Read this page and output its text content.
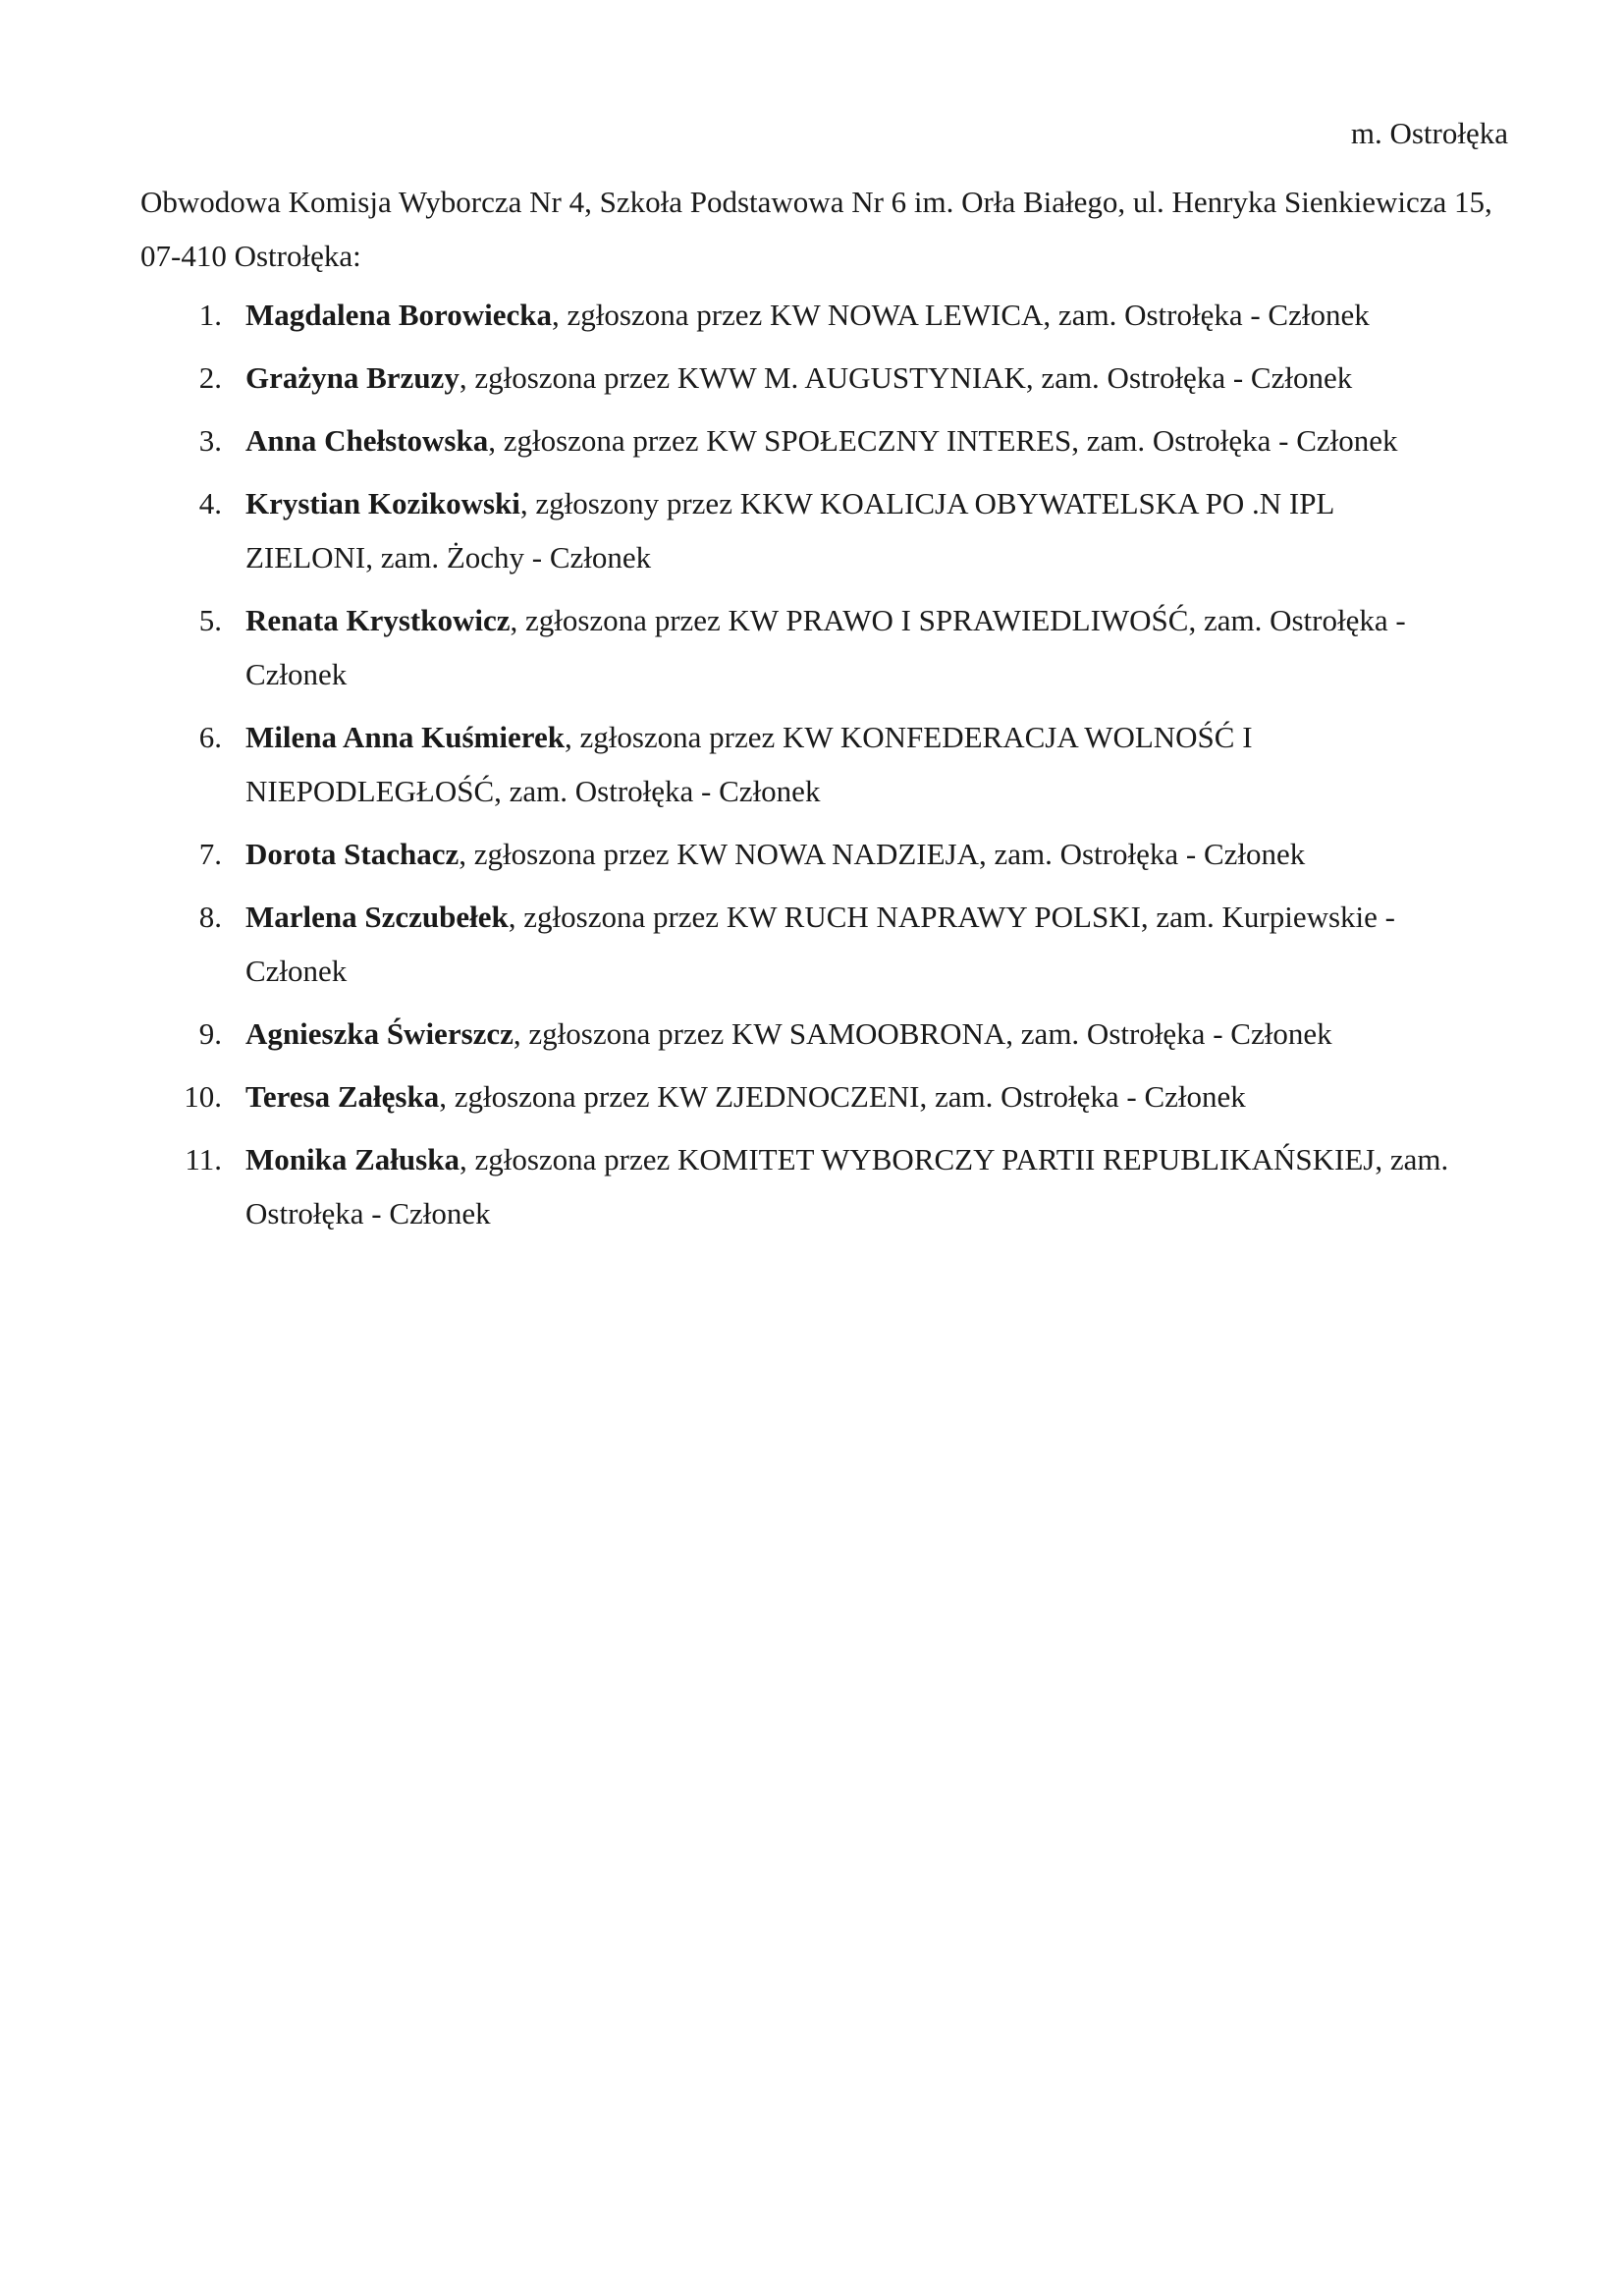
m. Ostrołęka
Obwodowa Komisja Wyborcza Nr 4, Szkoła Podstawowa Nr 6 im. Orła Białego, ul. Henryka Sienkiewicza 15, 07-410 Ostrołęka:
1. Magdalena Borowiecka, zgłoszona przez KW NOWA LEWICA, zam. Ostrołęka - Członek
2. Grażyna Brzuzy, zgłoszona przez KWW M. AUGUSTYNIAK, zam. Ostrołęka - Członek
3. Anna Chełstowska, zgłoszona przez KW SPOŁECZNY INTERES, zam. Ostrołęka - Członek
4. Krystian Kozikowski, zgłoszony przez KKW KOALICJA OBYWATELSKA PO .N IPL ZIELONI, zam. Żochy - Członek
5. Renata Krystkowicz, zgłoszona przez KW PRAWO I SPRAWIEDLIWOŚĆ, zam. Ostrołęka - Członek
6. Milena Anna Kuśmierek, zgłoszona przez KW KONFEDERACJA WOLNOŚĆ I NIEPODLEGŁOŚĆ, zam. Ostrołęka - Członek
7. Dorota Stachacz, zgłoszona przez KW NOWA NADZIEJA, zam. Ostrołęka - Członek
8. Marlena Szczubełek, zgłoszona przez KW RUCH NAPRAWY POLSKI, zam. Kurpiewskie - Członek
9. Agnieszka Świerszcz, zgłoszona przez KW SAMOOBRONA, zam. Ostrołęka - Członek
10. Teresa Załęska, zgłoszona przez KW ZJEDNOCZENI, zam. Ostrołęka - Członek
11. Monika Załuska, zgłoszona przez KOMITET WYBORCZY PARTII REPUBLIKAŃSKIEJ, zam. Ostrołęka - Członek
